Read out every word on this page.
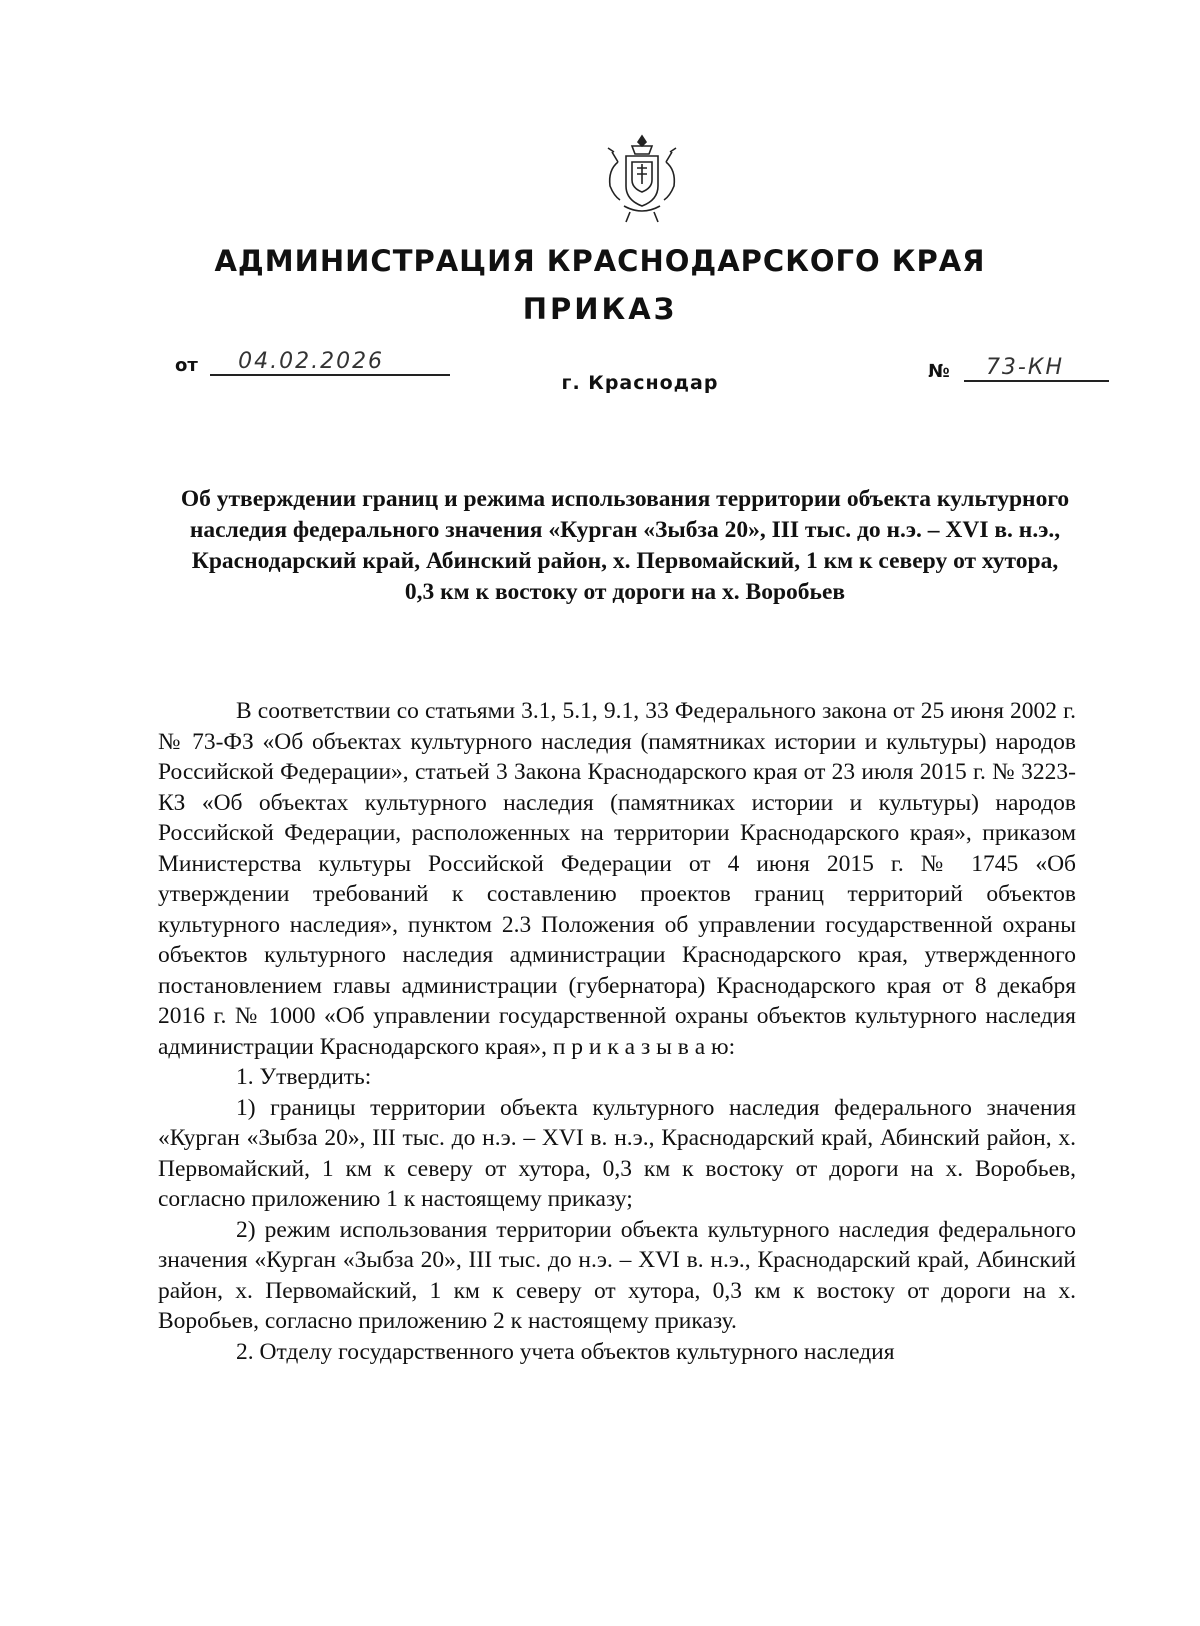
АДМИНИСТРАЦИЯ КРАСНОДАРСКОГО КРАЯ
ПРИКАЗ
от 04.02.2026	№ 73-КН
г. Краснодар
Об утверждении границ и режима использования территории объекта культурного наследия федерального значения «Курган «Зыбза 20», III тыс. до н.э. – XVI в. н.э., Краснодарский край, Абинский район, х. Первомайский, 1 км к северу от хутора, 0,3 км к востоку от дороги на х. Воробьев

В соответствии со статьями 3.1, 5.1, 9.1, 33 Федерального закона от 25 июня 2002 г. № 73-ФЗ «Об объектах культурного наследия (памятниках истории и культуры) народов Российской Федерации», статьей 3 Закона Краснодарского края от 23 июля 2015 г. № 3223-КЗ «Об объектах культурного наследия (памятниках истории и культуры) народов Российской Федерации, расположенных на территории Краснодарского края», приказом Министерства культуры Российской Федерации от 4 июня 2015 г. № 1745 «Об утверждении требований к составлению проектов границ территорий объектов культурного наследия», пунктом 2.3 Положения об управлении государственной охраны объектов культурного наследия администрации Краснодарского края, утвержденного постановлением главы администрации (губернатора) Краснодарского края от 8 декабря 2016 г. № 1000 «Об управлении государственной охраны объектов культурного наследия администрации Краснодарского края», п р и к а з ы в а ю:

1. Утвердить:

1) границы территории объекта культурного наследия федерального значения «Курган «Зыбза 20», III тыс. до н.э. – XVI в. н.э., Краснодарский край, Абинский район, х. Первомайский, 1 км к северу от хутора, 0,3 км к востоку от дороги на х. Воробьев, согласно приложению 1 к настоящему приказу;

2) режим использования территории объекта культурного наследия федерального значения «Курган «Зыбза 20», III тыс. до н.э. – XVI в. н.э., Краснодарский край, Абинский район, х. Первомайский, 1 км к северу от хутора, 0,3 км к востоку от дороги на х. Воробьев, согласно приложению 2 к настоящему приказу.

2. Отделу государственного учета объектов культурного наследия
